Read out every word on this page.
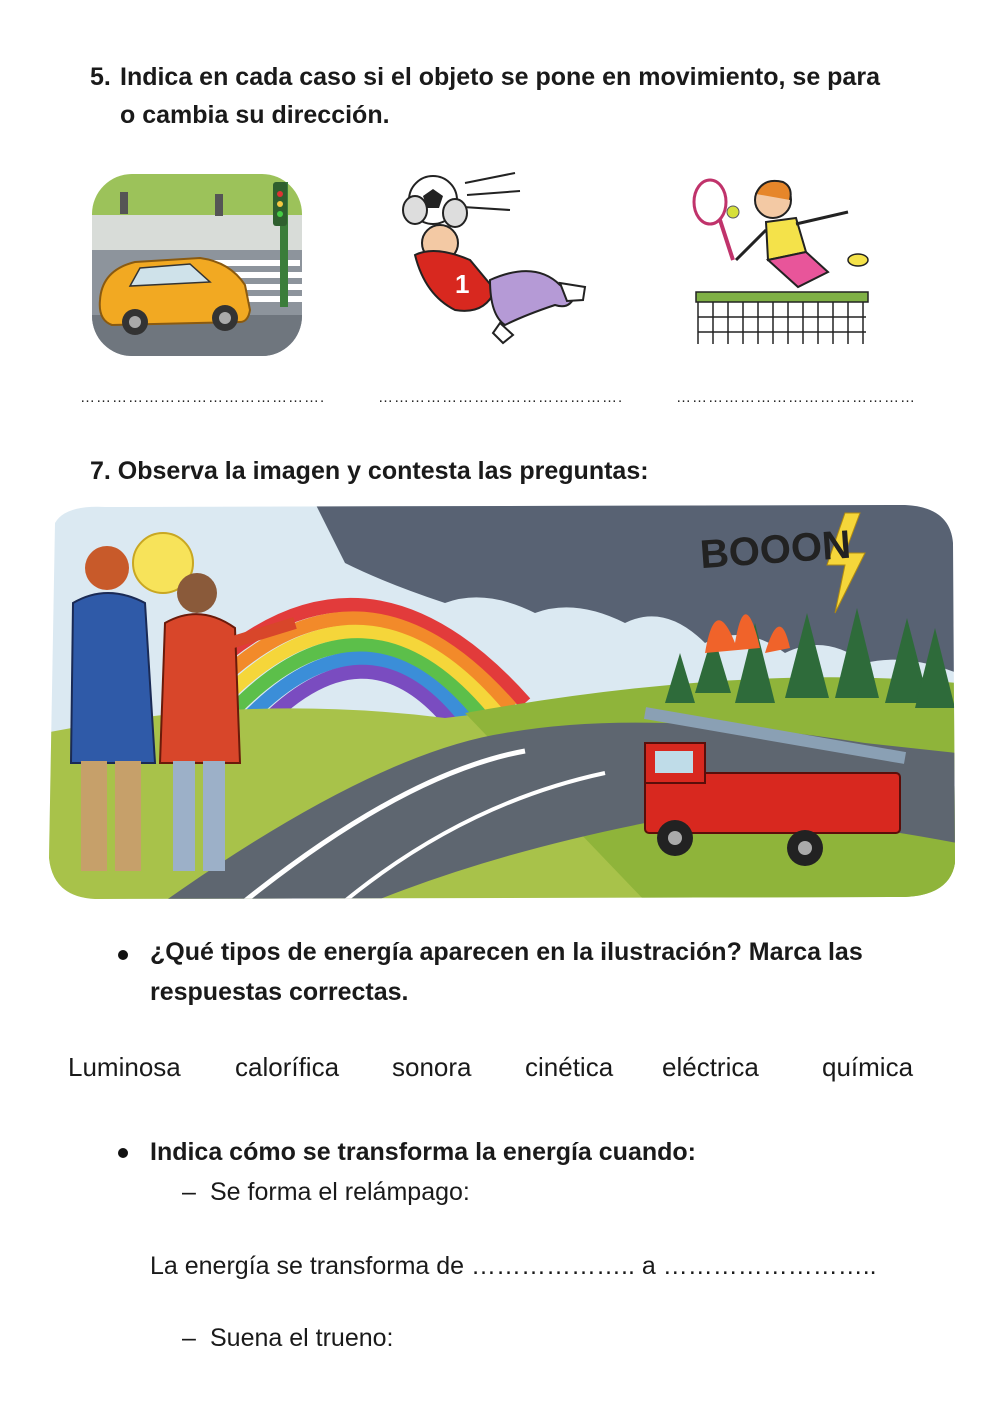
5. Indica en cada caso si el objeto se pone en movimiento, se para
o cambia su dirección.
1
……………………………………….	……………………………………….	………………………………………
7. Observa la imagen y contesta las preguntas:
BOOON
¿Qué tipos de energía aparecen en la ilustración? Marca las
respuestas correctas.
Luminosa calorífica sonora cinética eléctrica química
Indica cómo se transforma la energía cuando:
– Se forma el relámpago:
La energía se transforma de ……………….. a ……………………..
– Suena el trueno:
